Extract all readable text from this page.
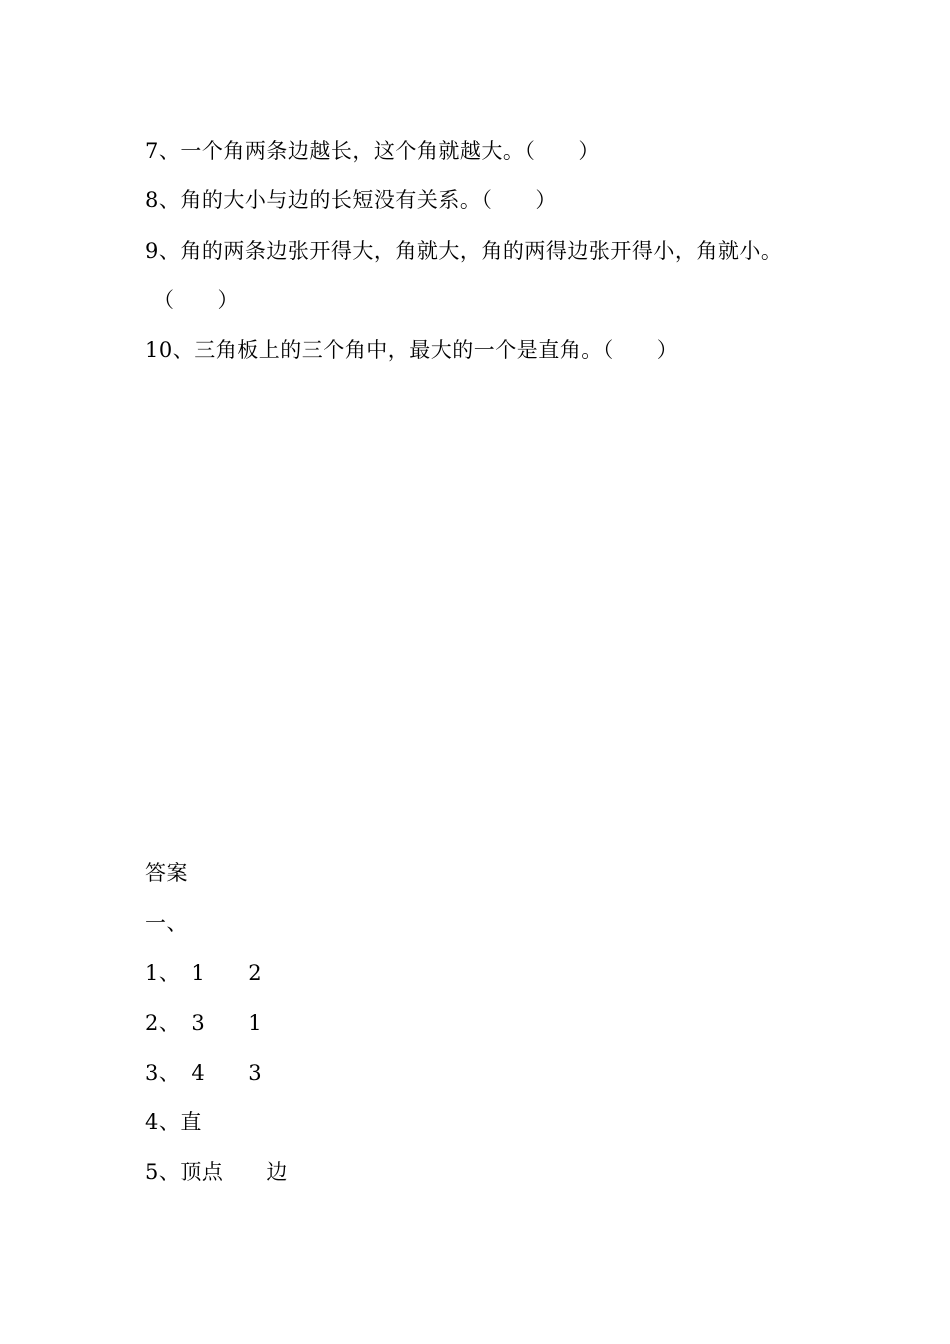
7、一个角两条边越长，这个角就越大。（　　）
8、角的大小与边的长短没有关系。（　　）
9、角的两条边张开得大，角就大，角的两得边张开得小，角就小。
（　　）
10、三角板上的三个角中，最大的一个是直角。（　　）
答案
一、
1、　1　　2
2、　3　　1
3、　4　　3
4、直
5、顶点　　边
